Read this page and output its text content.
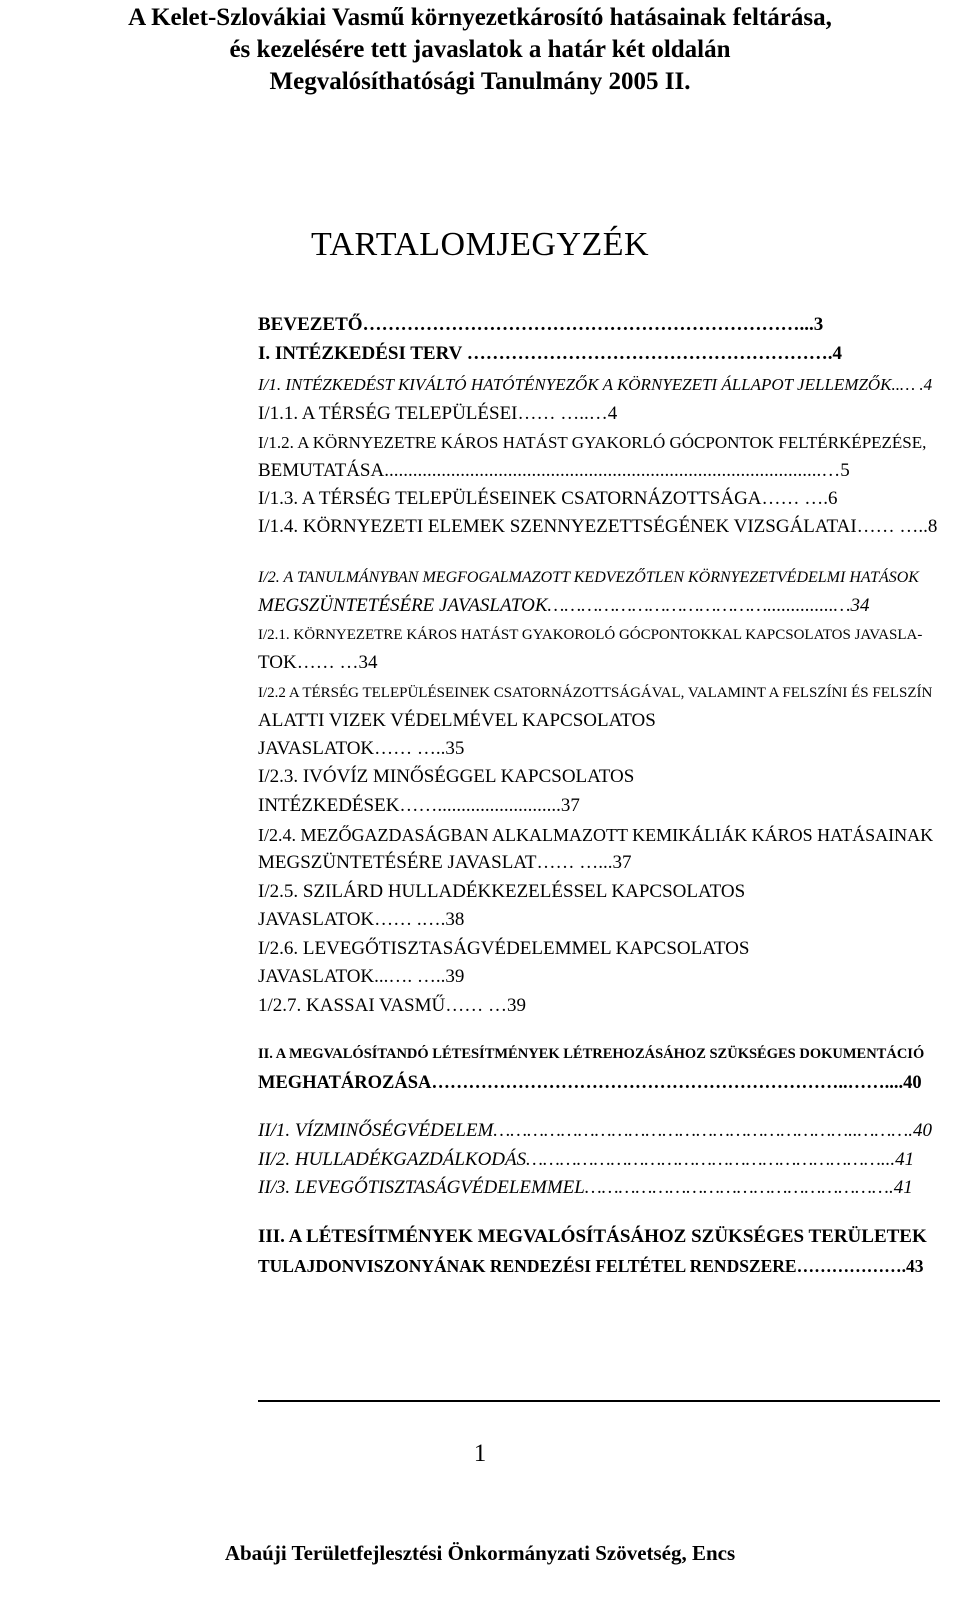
A Kelet-Szlovákiai Vasmű környezetkárosító hatásainak feltárása,
és kezelésére tett javaslatok a határ két oldalán
Megvalósíthatósági Tanulmány 2005 II.
TARTALOMJEGYZÉK
BEVEZETŐ……………………………………………………………...3
I. INTÉZKEDÉSI TERV ………………………………………………….4
I/1. INTÉZKEDÉST KIVÁLTÓ HATÓTÉNYEZŐK A KÖRNYEZETI ÁLLAPOT JELLEMZŐK..… .4
I/1.1. A TÉRSÉG TELEPÜLÉSEI…… …..…4
I/1.2. A KÖRNYEZETRE KÁROS HATÁST GYAKORLÓ GÓCPONTOK FELTÉRKÉPEZÉSE,
BEMUTATÁSA............................................................................................…5
I/1.3. A TÉRSÉG TELEPÜLÉSEINEK CSATORNÁZOTTSÁGA…… ….6
I/1.4. KÖRNYEZETI ELEMEK SZENNYEZETTSÉGÉNEK VIZSGÁLATAI…… …..8
I/2. A TANULMÁNYBAN MEGFOGALMAZOTT KEDVEZŐTLEN KÖRNYEZETVÉDELMI HATÁSOK
MEGSZÜNTETÉSÉRE JAVASLATOK…………………………………..............…34
I/2.1. KÖRNYEZETRE KÁROS HATÁST GYAKOROLÓ GÓCPONTOKKAL KAPCSOLATOS JAVASLA-
TOK…… …34
I/2.2 A TÉRSÉG TELEPÜLÉSEINEK CSATORNÁZOTTSÁGÁVAL, VALAMINT A FELSZÍNI ÉS FELSZÍN
ALATTI VIZEK VÉDELMÉVEL KAPCSOLATOS
JAVASLATOK…… …..35
I/2.3. IVÓVÍZ MINŐSÉGGEL KAPCSOLATOS
INTÉZKEDÉSEK……..........................37
I/2.4. MEZŐGAZDASÁGBAN ALKALMAZOTT KEMIKÁLIÁK KÁROS HATÁSAINAK
MEGSZÜNTETÉSÉRE JAVASLAT…… …...37
I/2.5. SZILÁRD HULLADÉKKEZELÉSSEL KAPCSOLATOS
JAVASLATOK…… .….38
I/2.6. LEVEGŐTISZTASÁGVÉDELEMMEL KAPCSOLATOS
JAVASLATOK...…. …..39
1/2.7. KASSAI VASMŰ…… …39
II. A MEGVALÓSÍTANDÓ LÉTESÍTMÉNYEK LÉTREHOZÁSÁHOZ SZÜKSÉGES DOKUMENTÁCIÓ
MEGHATÁROZÁSA…………………………………………………………..……....40
II/1. VÍZMINŐSÉGVÉDELEM………………………………………………………..……….40
II/2. HULLADÉKGAZDÁLKODÁS………………………………………………………...41
II/3. LEVEGŐTISZTASÁGVÉDELEMMEL……………………………………………….41
III. A LÉTESÍTMÉNYEK MEGVALÓSÍTÁSÁHOZ SZÜKSÉGES TERÜLETEK
TULAJDONVISZONYÁNAK RENDEZÉSI FELTÉTEL RENDSZERE……………….43
1
Abaúji Területfejlesztési Önkormányzati Szövetség, Encs
